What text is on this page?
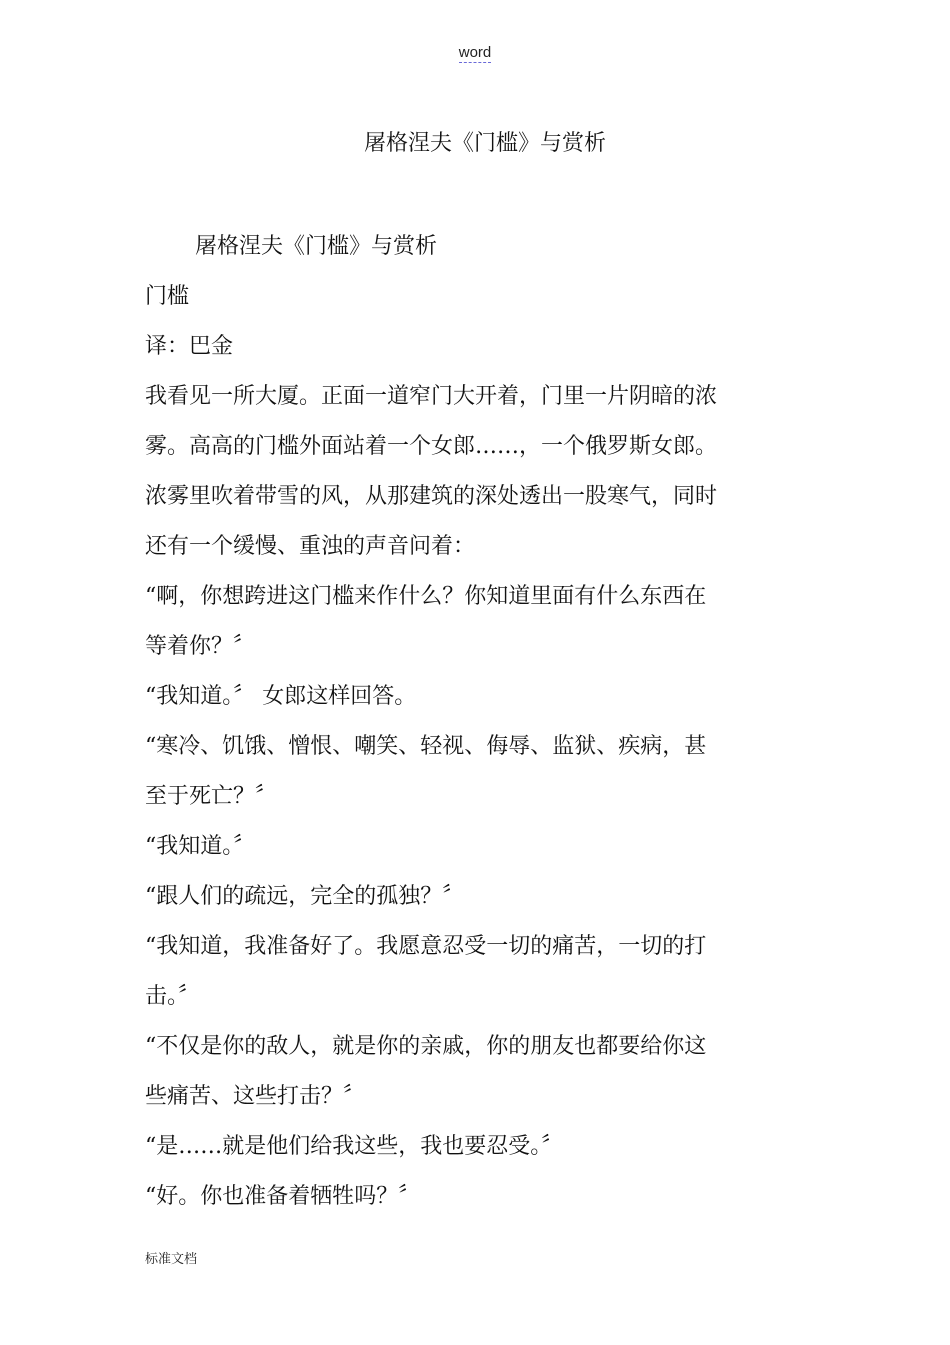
word
屠格涅夫《门槛》与赏析

屠格涅夫《门槛》与赏析

门槛

译：巴金

我看见一所大厦。正面一道窄门大开着，门里一片阴暗的浓

雾。高高的门槛外面站着一个女郎……，一个俄罗斯女郎。

浓雾里吹着带雪的风，从那建筑的深处透出一股寒气，同时

还有一个缓慢、重浊的声音问着：

“啊，你想跨进这门槛来作什么？你知道里面有什么东西在

等着你？〞

“我知道。〞 女郎这样回答。

“寒冷、饥饿、憎恨、嘲笑、轻视、侮辱、监狱、疾病，甚

至于死亡？〞

“我知道。〞

“跟人们的疏远，完全的孤独？〞

“我知道，我准备好了。我愿意忍受一切的痛苦，一切的打

击。〞

“不仅是你的敌人，就是你的亲戚，你的朋友也都要给你这

些痛苦、这些打击？〞

“是……就是他们给我这些，我也要忍受。〞

“好。你也准备着牺牲吗？〞

标准文档
